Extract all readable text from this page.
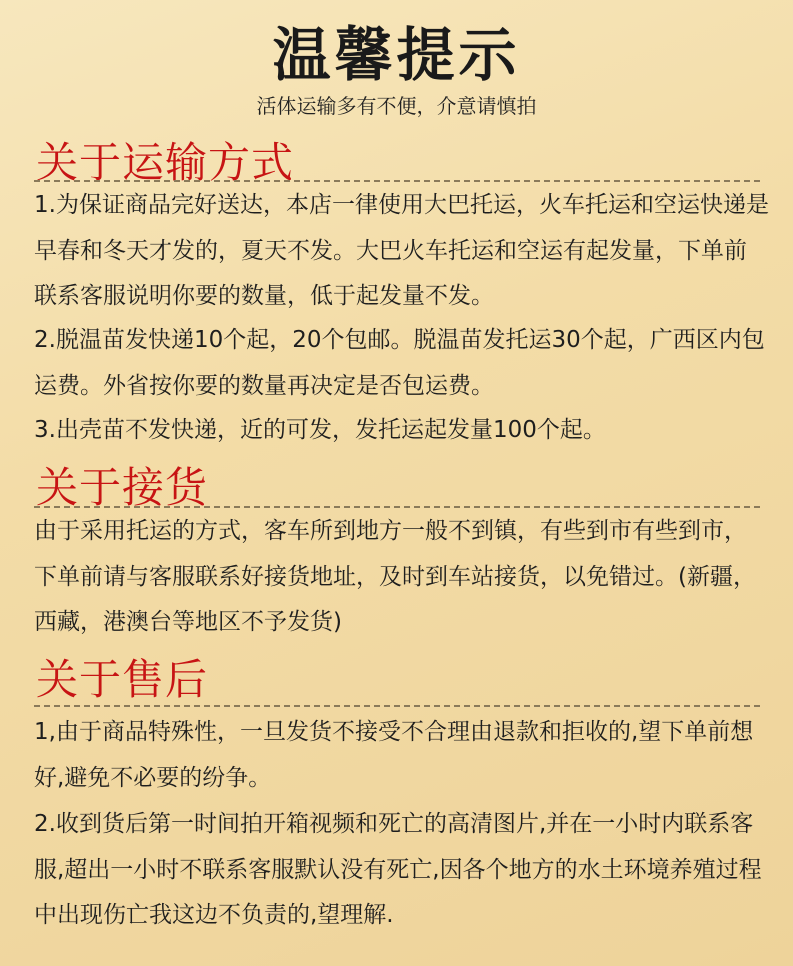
温馨提示
活体运输多有不便，介意请慎拍
关于运输方式
1.为保证商品完好送达，本店一律使用大巴托运，火车托运和空运快递是早春和冬天才发的，夏天不发。大巴火车托运和空运有起发量，下单前联系客服说明你要的数量，低于起发量不发。
2.脱温苗发快递10个起，20个包邮。脱温苗发托运30个起，广西区内包运费。外省按你要的数量再决定是否包运费。
3.出壳苗不发快递，近的可发，发托运起发量100个起。
关于接货
由于采用托运的方式，客车所到地方一般不到镇，有些到市有些到市，下单前请与客服联系好接货地址，及时到车站接货，以免错过。(新疆，西藏，港澳台等地区不予发货)
关于售后
1,由于商品特殊性，一旦发货不接受不合理由退款和拒收的,望下单前想好,避免不必要的纷争。
2.收到货后第一时间拍开箱视频和死亡的高清图片,并在一小时内联系客服,超出一小时不联系客服默认没有死亡,因各个地方的水土环境养殖过程中出现伤亡我这边不负责的,望理解.
